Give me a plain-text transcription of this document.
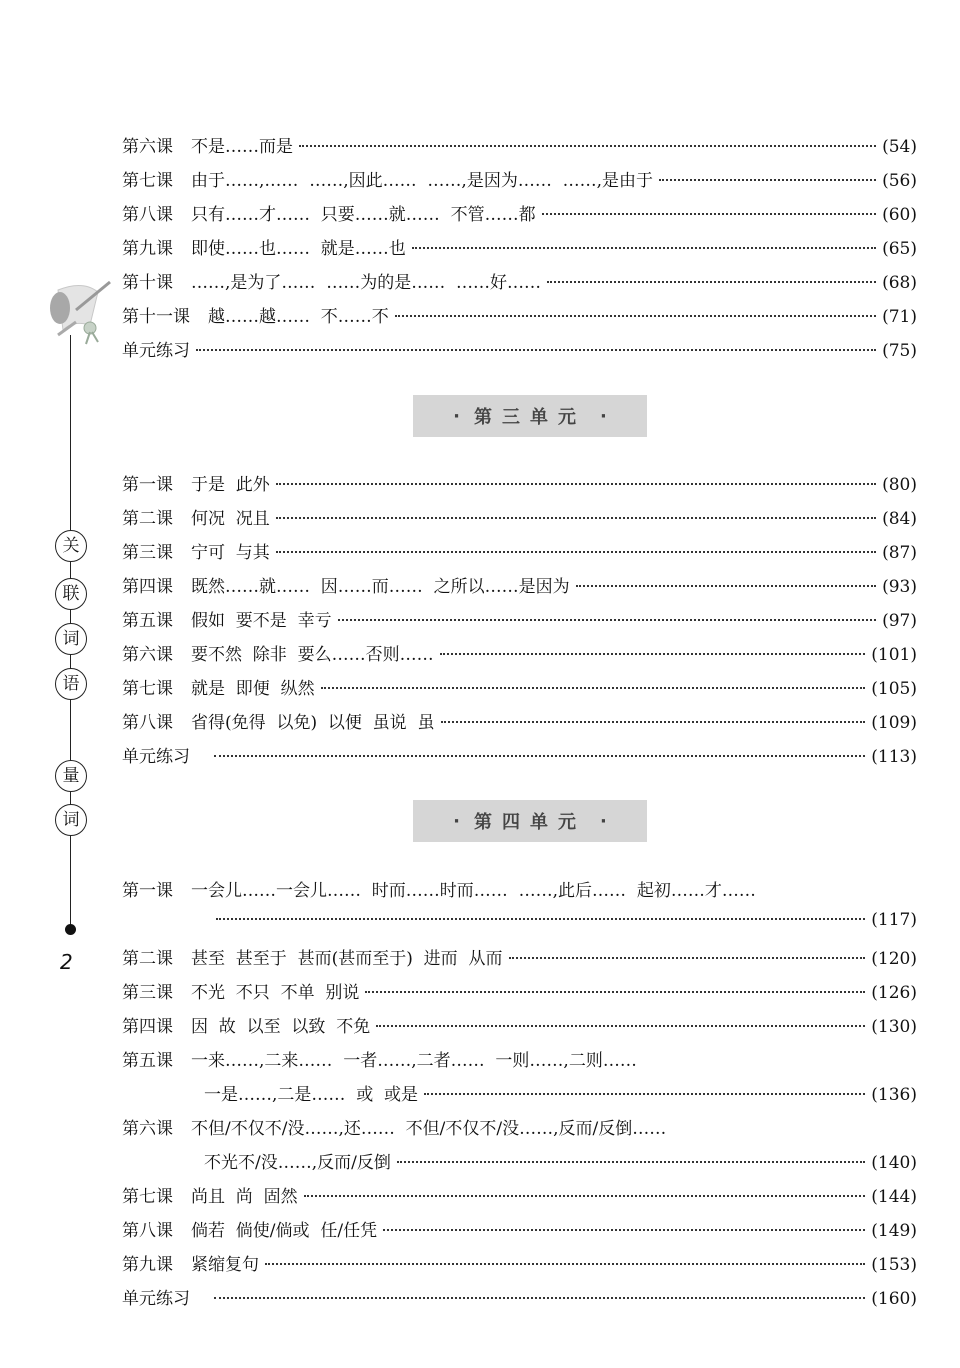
关
联
词
语
量
词
2
第六课 不是……而是	(54)
第七课 由于……,……  ……,因此……  ……,是因为……  ……,是由于	(56)
第八课 只有……才……  只要……就……  不管……都	(60)
第九课 即使……也……  就是……也	(65)
第十课 ……,是为了……  ……为的是……  ……好……	(68)
第十一课 越……越……  不……不	(71)
单元练习	(75)
· 第三单元 ·
第一课 于是  此外	(80)
第二课 何况  况且	(84)
第三课 宁可  与其	(87)
第四课 既然……就……  因……而……  之所以……是因为	(93)
第五课 假如  要不是  幸亏	(97)
第六课 要不然  除非  要么……否则……	(101)
第七课 就是  即便  纵然	(105)
第八课 省得(免得  以免)  以便  虽说  虽	(109)
单元练习	(113)
· 第四单元 ·
第一课 一会儿……一会儿……  时而……时而……  ……,此后……  起初……才……
(117)
第二课 甚至  甚至于  甚而(甚而至于)  进而  从而	(120)
第三课 不光  不只  不单  别说	(126)
第四课 因  故  以至  以致  不免	(130)
第五课 一来……,二来……  一者……,二者……  一则……,二则……
一是……,二是……  或  或是	(136)
第六课 不但/不仅不/没……,还……  不但/不仅不/没……,反而/反倒……
不光不/没……,反而/反倒	(140)
第七课 尚且  尚  固然	(144)
第八课 倘若  倘使/倘或  任/任凭	(149)
第九课 紧缩复句	(153)
单元练习	(160)
